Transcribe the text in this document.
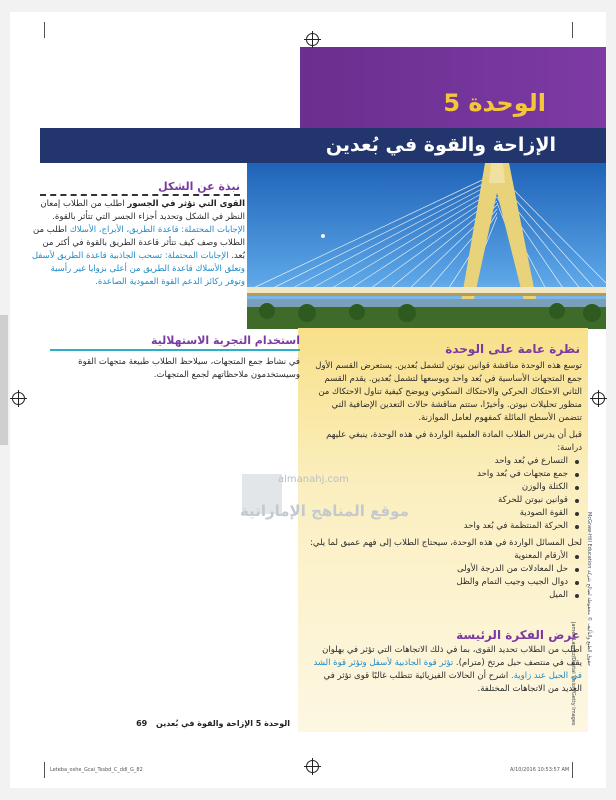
الوحدة 5
الإزاحة والقوة في بُعدين
نبذة عن الشكل
القوى التي تؤثر في الجسور اطلب من الطلاب إمعان النظر في الشكل وتحديد أجزاء الجسر التي تتأثر بالقوة. الإجابات المحتملة: قاعدة الطريق، الأبراج، الأسلاك اطلب من الطلاب وصف كيف تتأثر قاعدة الطريق بالقوة في أكثر من بُعد. الإجابات المحتملة: تسحب الجاذبية قاعدة الطريق لأسفل وتعلق الأسلاك قاعدة الطريق من أعلى بزوايا غير رأسية وتوفر ركائز الدعم القوة العمودية الصاعدة.
استخدام التجربة الاستهلالية
في نشاط جمع المتجهات، سيلاحظ الطلاب طبيعة متجهات القوة وسيستخدمون ملاحظاتهم لجمع المتجهات.
نظرة عامة على الوحدة
توسع هذه الوحدة مناقشة قوانين نيوتن لتشمل بُعدين. يستعرض القسم الأول جمع المتجهات الأساسية في بُعد واحد ويوسعها لتشمل بُعدين. يقدم القسم الثاني الاحتكاك الحركي والاحتكاك السكوني ويوضح كيفية تناول الاحتكاك من منظور تحليلات نيوتن. وأخيرًا، ستتم مناقشة حالات التعدين الإضافية التي تتضمن الأسطح المائلة كمفهوم لعامل الموازنة.
قبل أن يدرس الطلاب المادة العلمية الواردة في هذه الوحدة، ينبغي عليهم دراسة:
التسارع في بُعد واحد
جمع متجهات في بُعد واحد
الكتلة والوزن
قوانين نيوتن للحركة
القوة الصودية
الحركة المنتظمة في بُعد واحد
لحل المسائل الواردة في هذه الوحدة، سيحتاج الطلاب إلى فهم عميق لما يلي:
الأرقام المعنوية
حل المعادلات من الدرجة الأولى
دوال الجيب وجيب التمام والظل
الميل
عرض الفكرة الرئيسة
اطلب من الطلاب تحديد القوى، بما في ذلك الاتجاهات التي تؤثر في بهلوان يقف في منتصف حبل مرتخ (مترام). تؤثر قوة الجاذبية لأسفل وتؤثر قوة الشد في الحبل عند زاوية. اشرح أن الحالات الفيزيائية تتطلب غالبًا قوى تؤثر في العديد من الاتجاهات المختلفة.
McGraw-Hill Education حقوق الطبع والتأليف © محفوظة لصالح شركة
James Lauritz/Digital Vision/Getty Images
الوحدة 5 الإزاحة والقوة في بُعدين 69
almanahj.com
موقع المناهج الإماراتية
Leteba_oshe_Gcai_Tssbd_C_ddl_G_82	A/10/2016 10:53:57 AM
